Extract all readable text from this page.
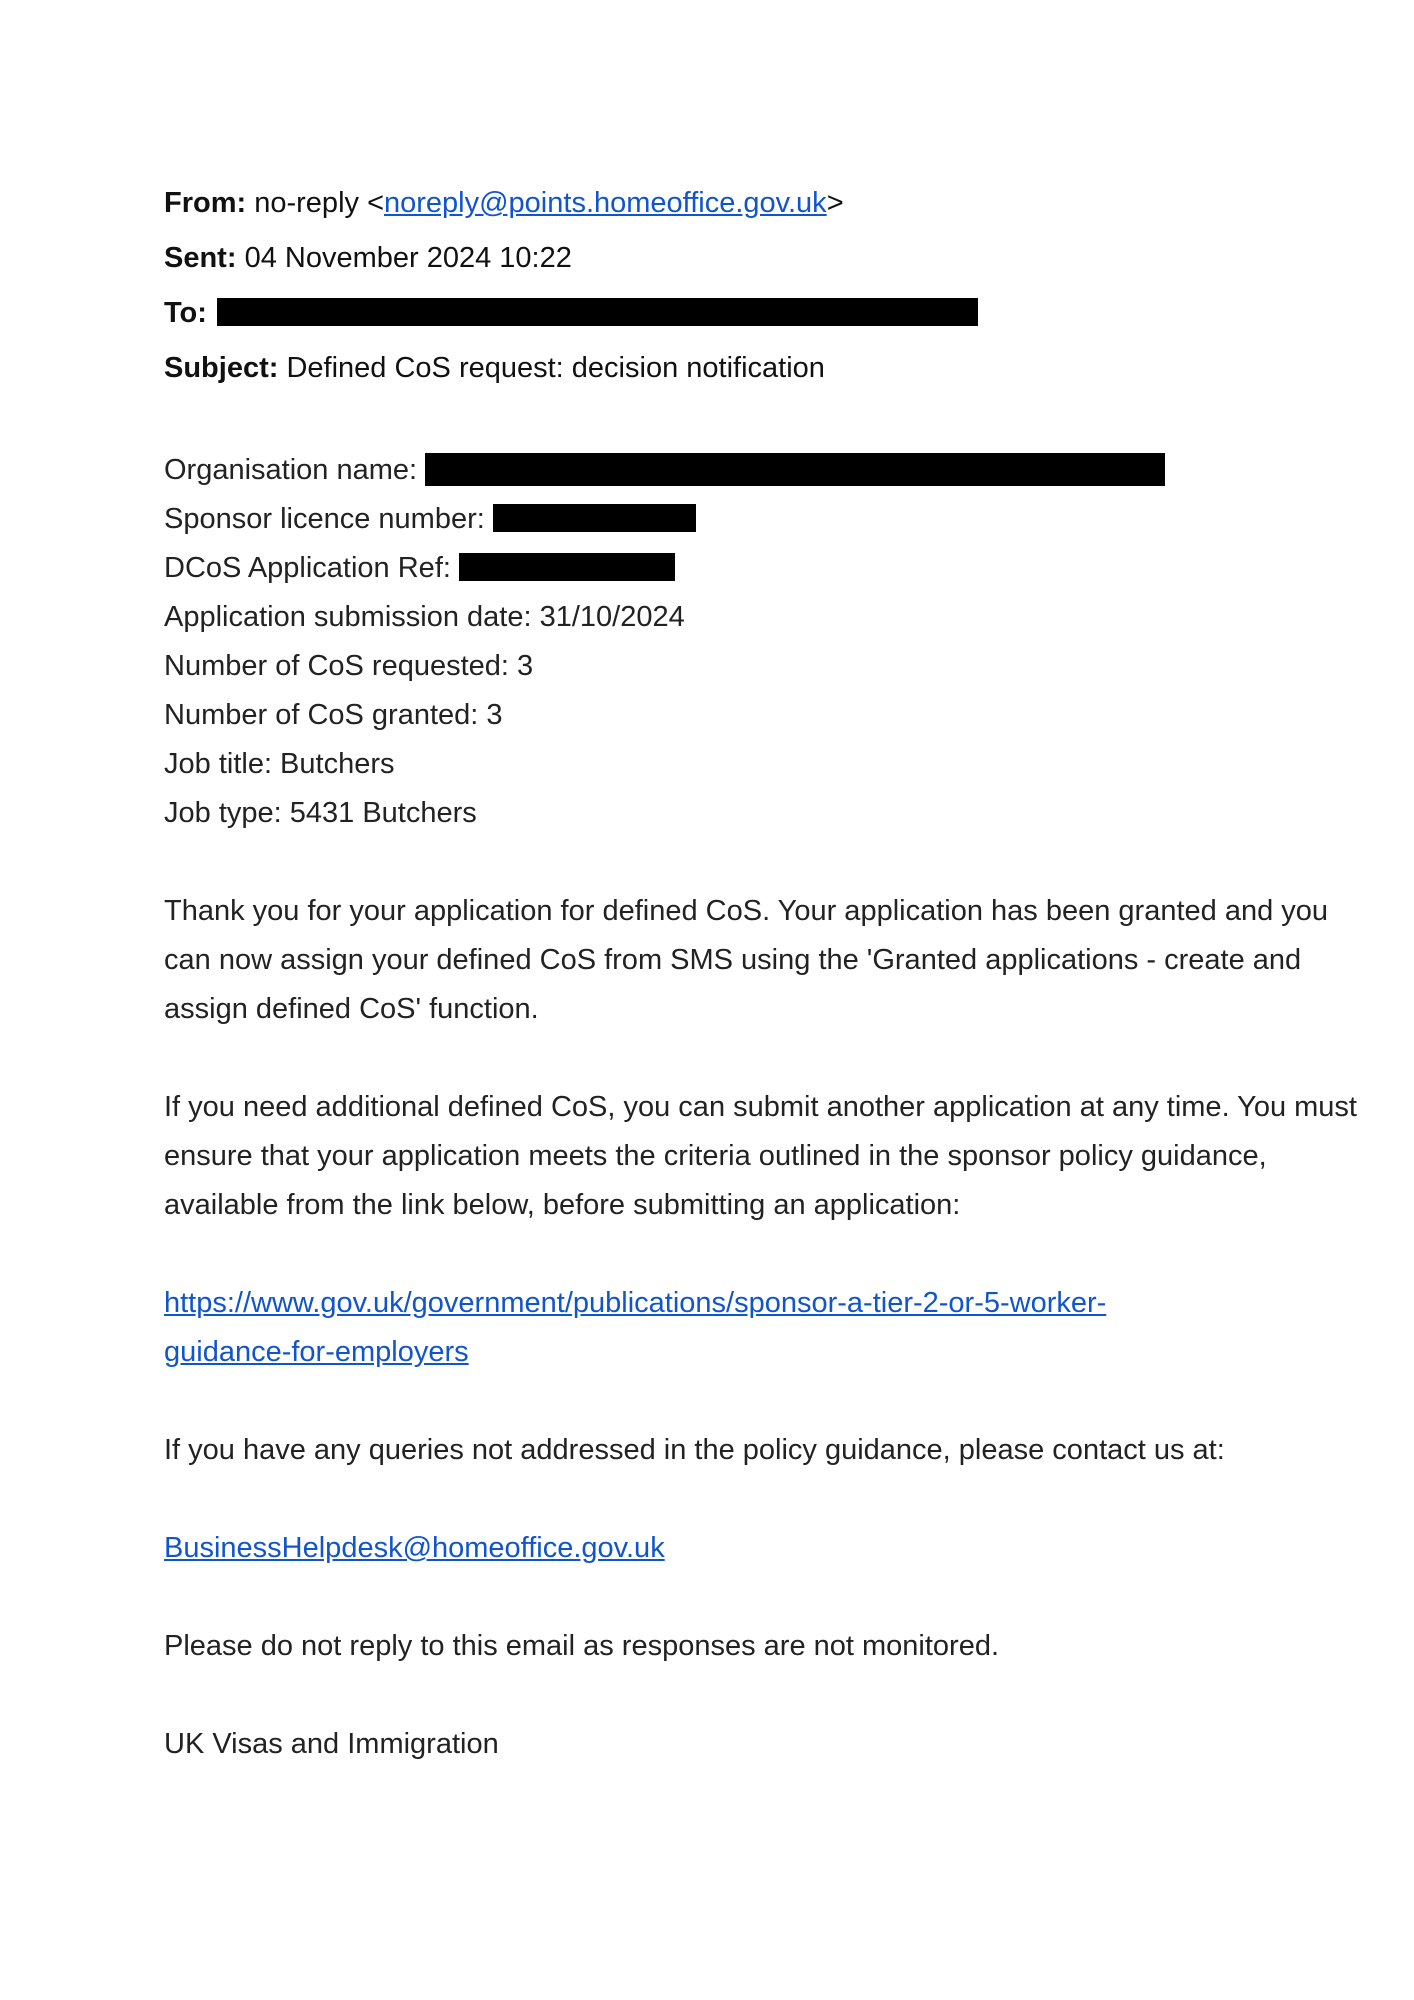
From: no-reply <noreply@points.homeoffice.gov.uk>
Sent: 04 November 2024 10:22
To:
Subject: Defined CoS request: decision notification
Organisation name:
Sponsor licence number:
DCoS Application Ref:
Application submission date: 31/10/2024
Number of CoS requested: 3
Number of CoS granted: 3
Job title: Butchers
Job type: 5431 Butchers

Thank you for your application for defined CoS. Your application has been granted and you can now assign your defined CoS from SMS using the 'Granted applications - create and assign defined CoS' function.

If you need additional defined CoS, you can submit another application at any time. You must ensure that your application meets the criteria outlined in the sponsor policy guidance, available from the link below, before submitting an application:

https://www.gov.uk/government/publications/sponsor-a-tier-2-or-5-worker-
guidance-for-employers

If you have any queries not addressed in the policy guidance, please contact us at:

BusinessHelpdesk@homeoffice.gov.uk

Please do not reply to this email as responses are not monitored.

UK Visas and Immigration
